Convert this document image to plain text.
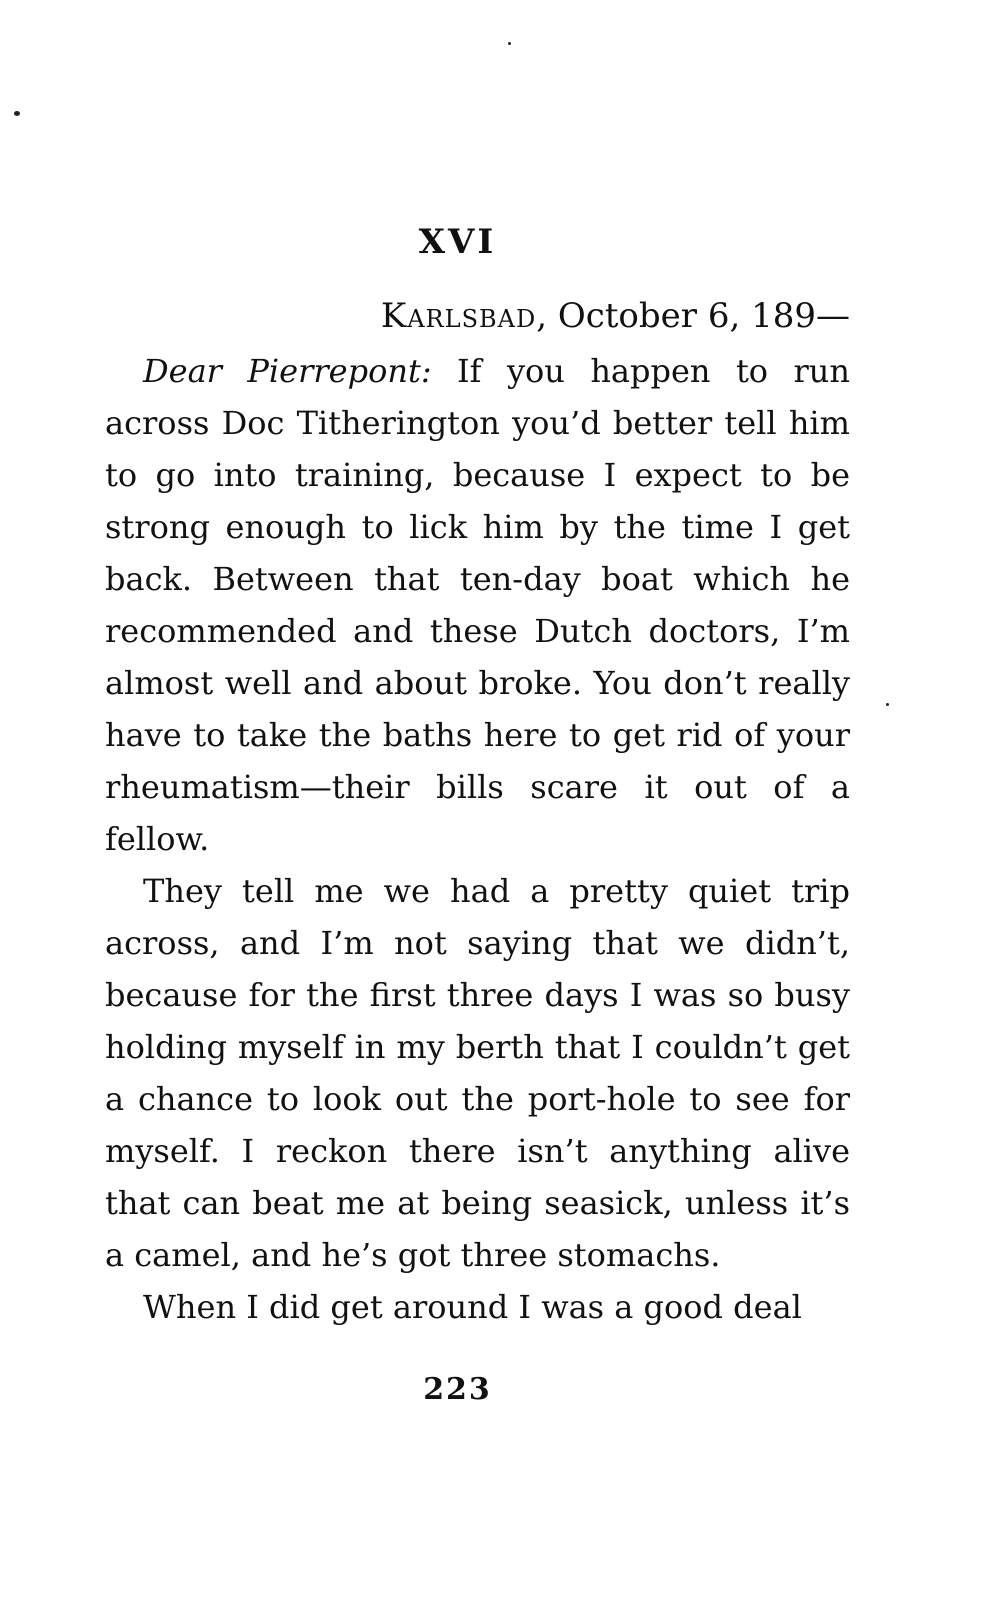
XVI
Karlsbad, October 6, 189—

Dear Pierrepont: If you happen to run across Doc Titherington you’d better tell him to go into training, because I expect to be strong enough to lick him by the time I get back. Between that ten-day boat which he recommended and these Dutch doctors, I’m almost well and about broke. You don’t really have to take the baths here to get rid of your rheumatism—their bills scare it out of a fellow.

They tell me we had a pretty quiet trip across, and I’m not saying that we didn’t, because for the first three days I was so busy holding myself in my berth that I couldn’t get a chance to look out the port-hole to see for myself. I reckon there isn’t anything alive that can beat me at being seasick, unless it’s a camel, and he’s got three stomachs.

When I did get around I was a good deal

223
